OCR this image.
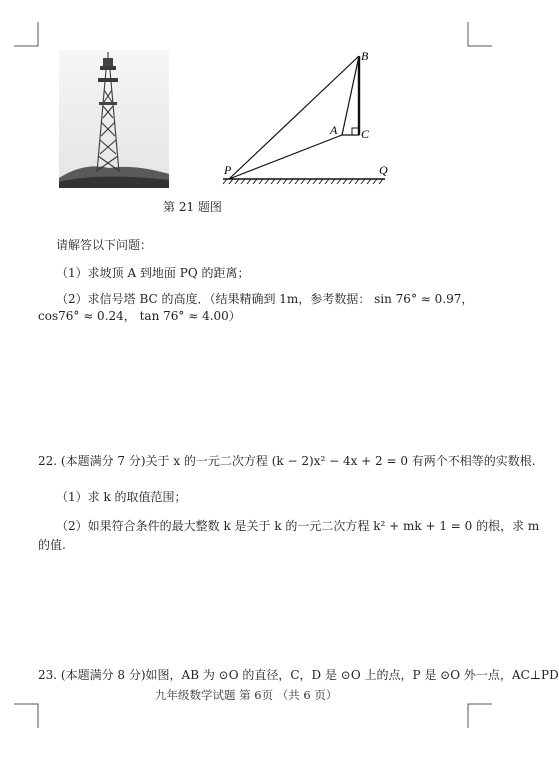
B
A C
P	Q
第 21 题图
请解答以下问题：
（1）求坡顶 A 到地面 PQ 的距离；
（2）求信号塔 BC 的高度．（结果精确到 1m，参考数据： sin 76° ≈ 0.97，
cos76° ≈ 0.24， tan 76° ≈ 4.00）
22. (本题满分 7 分)关于 x 的一元二次方程 (k − 2)x² − 4x + 2 = 0 有两个不相等的实数根.
（1）求 k 的取值范围；
（2）如果符合条件的最大整数 k 是关于 k 的一元二次方程 k² + mk + 1 = 0 的根，求 m
的值.
23. (本题满分 8 分)如图，AB 为 ⊙O 的直径，C，D 是 ⊙O 上的点，P 是 ⊙O 外一点，AC⊥PD
九年级数学试题 第 6页 （共 6 页）
